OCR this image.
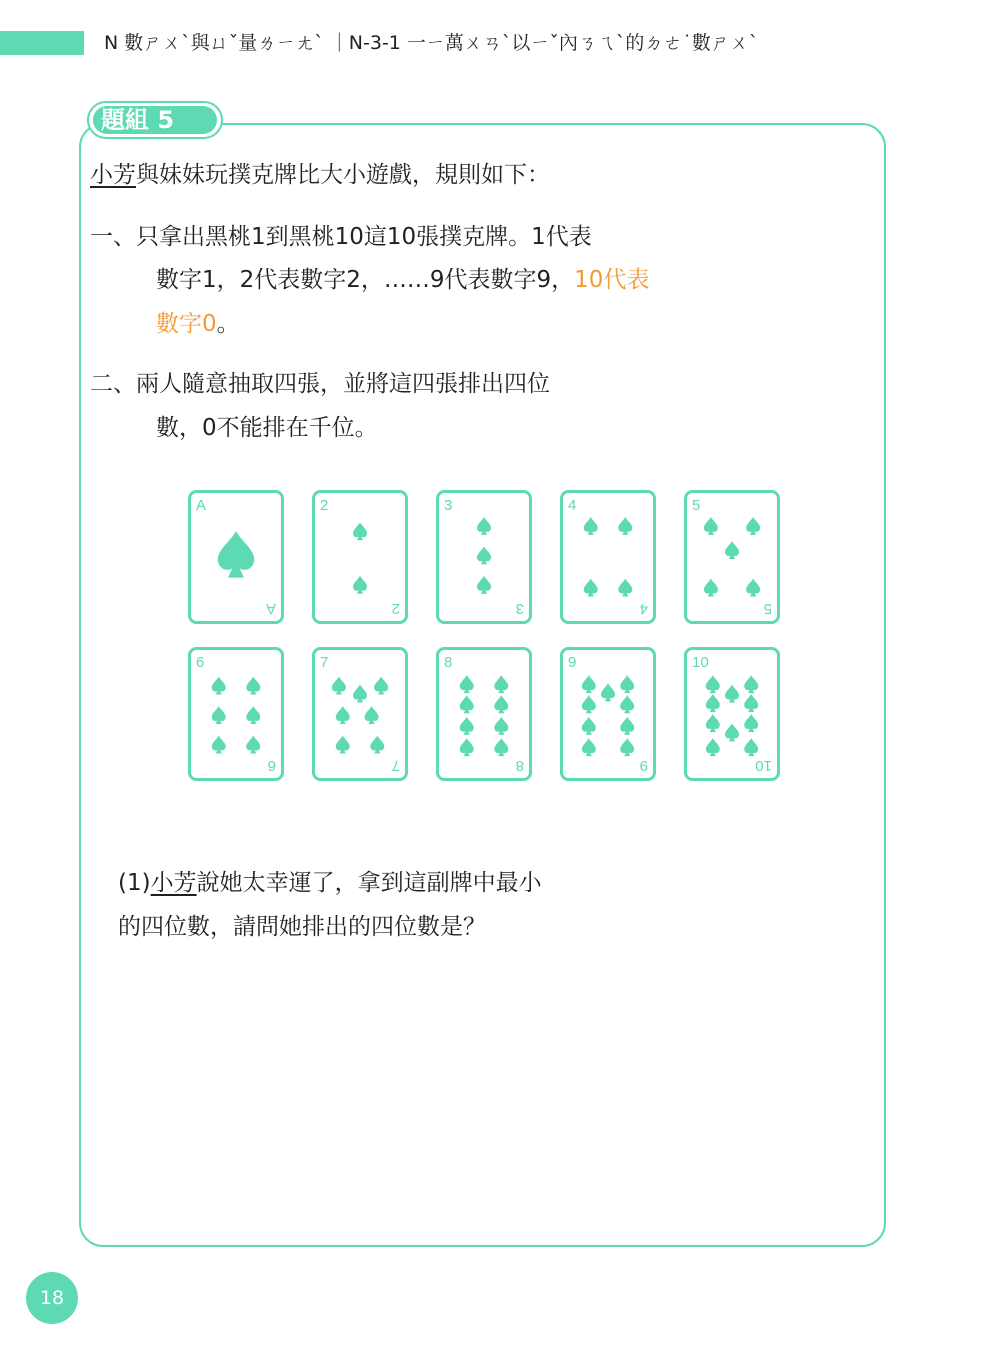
N 數ㄕㄨˋ與ㄩˇ量ㄌㄧㄤˋ ｜N-3-1 一ㄧ萬ㄨㄢˋ以ㄧˇ內ㄋㄟˋ的ㄉㄜ˙數ㄕㄨˋ
題組 5
小芳與妹妹玩撲克牌比大小遊戲，規則如下：
一、只拿出黑桃1到黑桃10這10張撲克牌。1代表
數字1，2代表數字2，……9代表數字9，10代表
數字0。
二、兩人隨意抽取四張，並將這四張排出四位
數，0不能排在千位。
A
A
2
2
3
3
4
4
5
5
6
6
7
7
8
8
9
9
10
10
(1)小芳說她太幸運了，拿到這副牌中最小
的四位數，請問她排出的四位數是？
18
